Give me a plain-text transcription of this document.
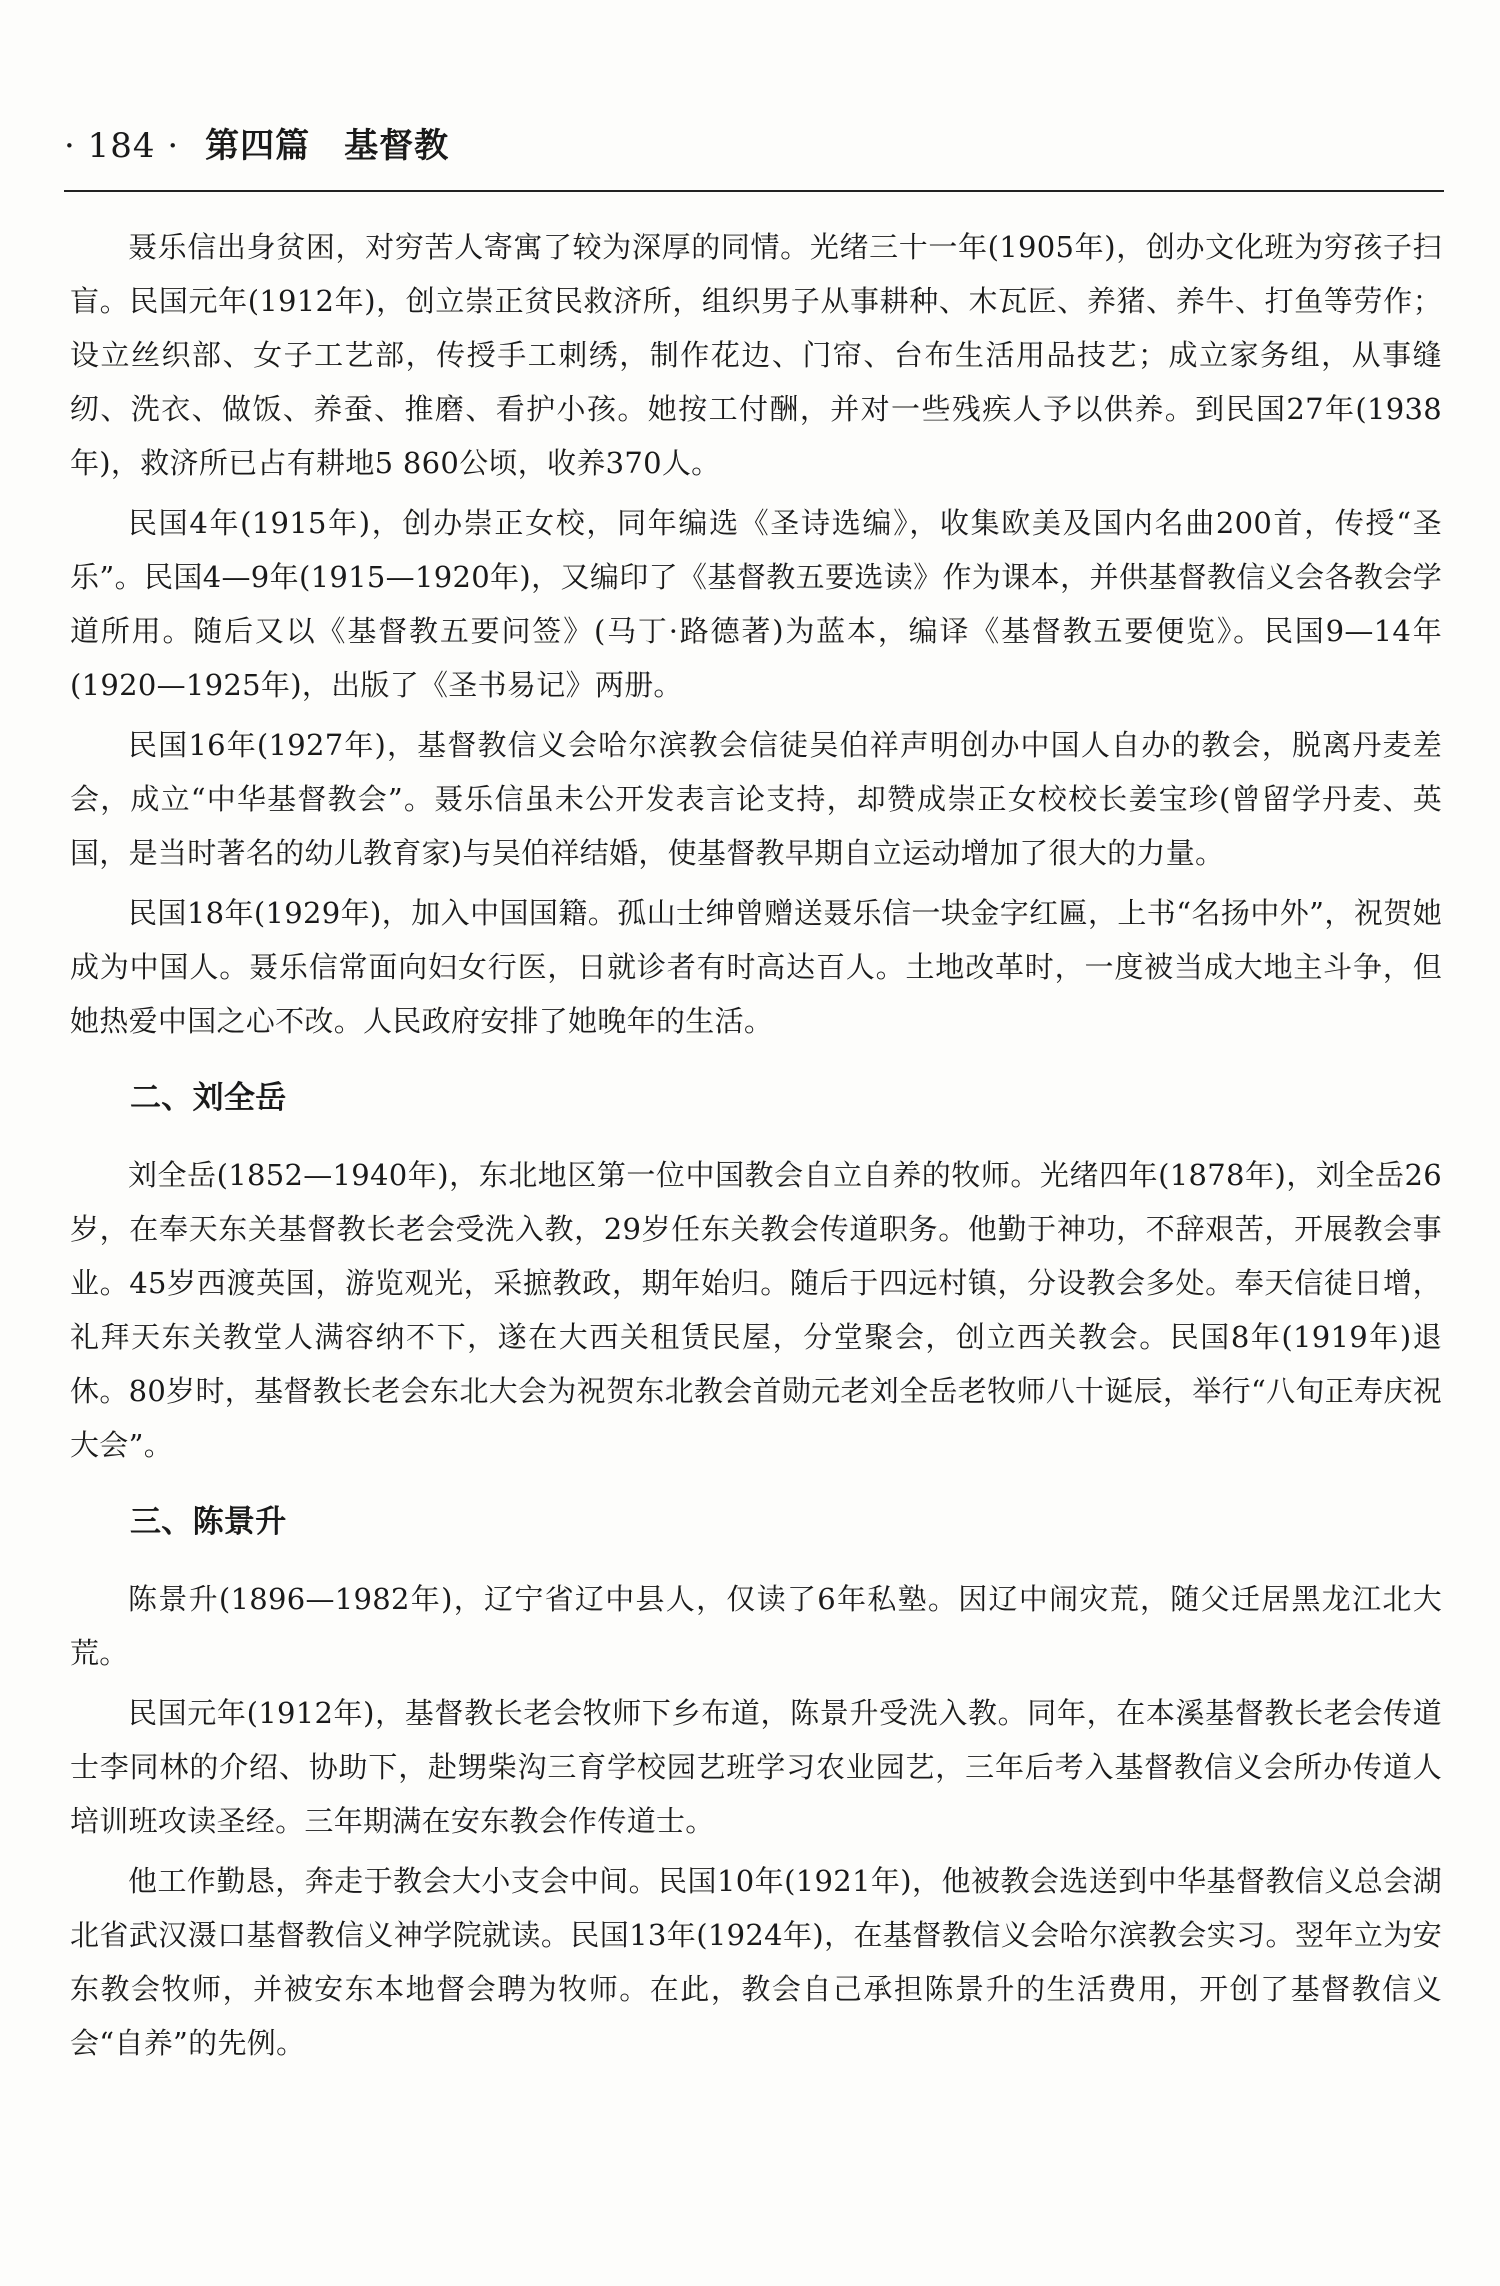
· 184 · 第四篇 基督教

聂乐信出身贫困，对穷苦人寄寓了较为深厚的同情。光绪三十一年(1905年)，创办文化班为穷孩子扫盲。民国元年(1912年)，创立崇正贫民救济所，组织男子从事耕种、木瓦匠、养猪、养牛、打鱼等劳作；设立丝织部、女子工艺部，传授手工刺绣，制作花边、门帘、台布生活用品技艺；成立家务组，从事缝纫、洗衣、做饭、养蚕、推磨、看护小孩。她按工付酬，并对一些残疾人予以供养。到民国27年(1938年)，救济所已占有耕地5 860公顷，收养370人。

民国4年(1915年)，创办崇正女校，同年编选《圣诗选编》，收集欧美及国内名曲200首，传授“圣乐”。民国4—9年(1915—1920年)，又编印了《基督教五要选读》作为课本，并供基督教信义会各教会学道所用。随后又以《基督教五要问签》(马丁·路德著)为蓝本，编译《基督教五要便览》。民国9—14年(1920—1925年)，出版了《圣书易记》两册。

民国16年(1927年)，基督教信义会哈尔滨教会信徒吴伯祥声明创办中国人自办的教会，脱离丹麦差会，成立“中华基督教会”。聂乐信虽未公开发表言论支持，却赞成崇正女校校长姜宝珍(曾留学丹麦、英国，是当时著名的幼儿教育家)与吴伯祥结婚，使基督教早期自立运动增加了很大的力量。

民国18年(1929年)，加入中国国籍。孤山士绅曾赠送聂乐信一块金字红匾，上书“名扬中外”，祝贺她成为中国人。聂乐信常面向妇女行医，日就诊者有时高达百人。土地改革时，一度被当成大地主斗争，但她热爱中国之心不改。人民政府安排了她晚年的生活。

二、刘全岳

刘全岳(1852—1940年)，东北地区第一位中国教会自立自养的牧师。光绪四年(1878年)，刘全岳26岁，在奉天东关基督教长老会受洗入教，29岁任东关教会传道职务。他勤于神功，不辞艰苦，开展教会事业。45岁西渡英国，游览观光，采摭教政，期年始归。随后于四远村镇，分设教会多处。奉天信徒日增，礼拜天东关教堂人满容纳不下，遂在大西关租赁民屋，分堂聚会，创立西关教会。民国8年(1919年)退休。80岁时，基督教长老会东北大会为祝贺东北教会首勋元老刘全岳老牧师八十诞辰，举行“八旬正寿庆祝大会”。

三、陈景升

陈景升(1896—1982年)，辽宁省辽中县人，仅读了6年私塾。因辽中闹灾荒，随父迁居黑龙江北大荒。

民国元年(1912年)，基督教长老会牧师下乡布道，陈景升受洗入教。同年，在本溪基督教长老会传道士李同林的介绍、协助下，赴甥柴沟三育学校园艺班学习农业园艺，三年后考入基督教信义会所办传道人培训班攻读圣经。三年期满在安东教会作传道士。

他工作勤恳，奔走于教会大小支会中间。民国10年(1921年)，他被教会选送到中华基督教信义总会湖北省武汉滠口基督教信义神学院就读。民国13年(1924年)，在基督教信义会哈尔滨教会实习。翌年立为安东教会牧师，并被安东本地督会聘为牧师。在此，教会自己承担陈景升的生活费用，开创了基督教信义会“自养”的先例。
